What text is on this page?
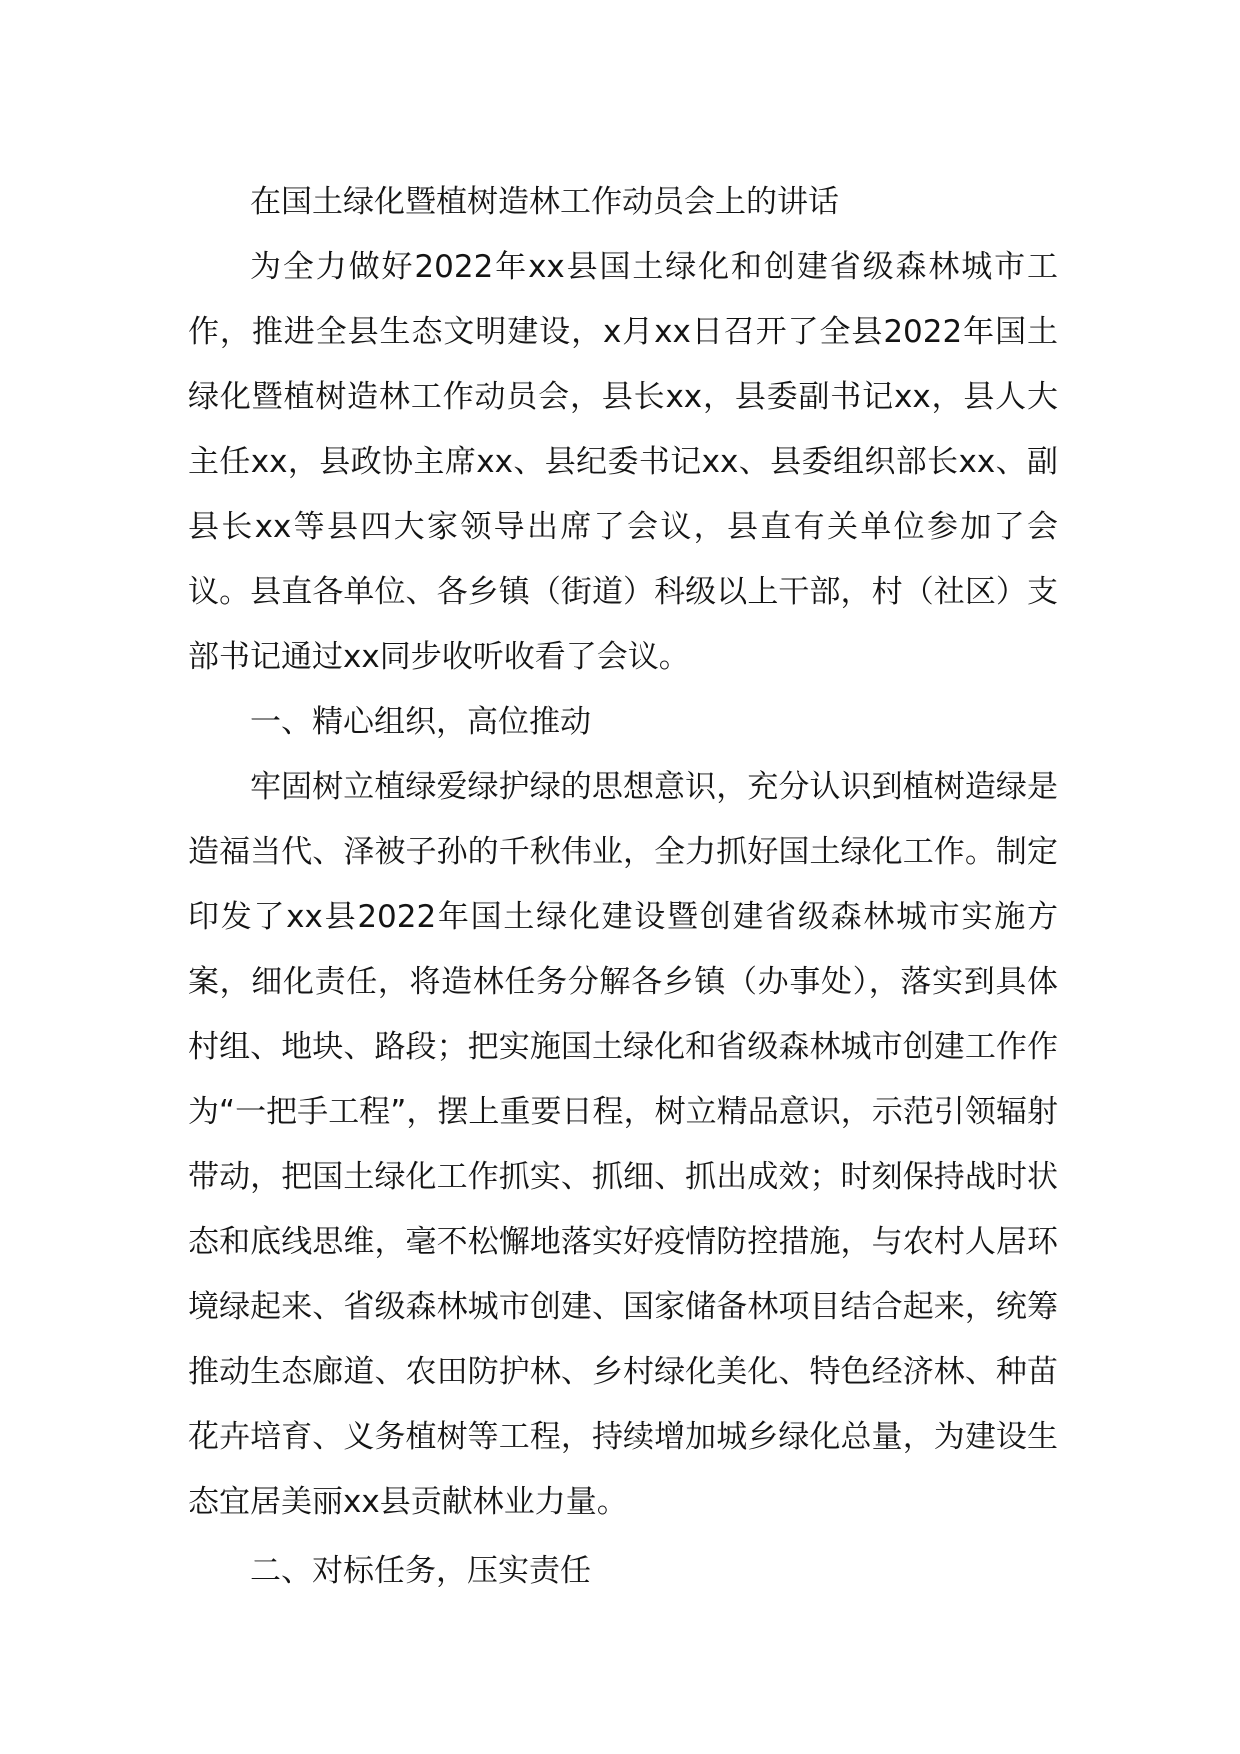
在国土绿化暨植树造林工作动员会上的讲话

为全力做好2022年xx县国土绿化和创建省级森林城市工作，推进全县生态文明建设，x月xx日召开了全县2022年国土绿化暨植树造林工作动员会，县长xx，县委副书记xx，县人大主任xx，县政协主席xx、县纪委书记xx、县委组织部长xx、副县长xx等县四大家领导出席了会议，县直有关单位参加了会议。县直各单位、各乡镇（街道）科级以上干部，村（社区）支部书记通过xx同步收听收看了会议。

一、精心组织，高位推动

牢固树立植绿爱绿护绿的思想意识，充分认识到植树造绿是造福当代、泽被子孙的千秋伟业，全力抓好国土绿化工作。制定印发了xx县2022年国土绿化建设暨创建省级森林城市实施方案，细化责任，将造林任务分解各乡镇（办事处），落实到具体村组、地块、路段；把实施国土绿化和省级森林城市创建工作作为“一把手工程”，摆上重要日程，树立精品意识，示范引领辐射带动，把国土绿化工作抓实、抓细、抓出成效；时刻保持战时状态和底线思维，毫不松懈地落实好疫情防控措施，与农村人居环境绿起来、省级森林城市创建、国家储备林项目结合起来，统筹推动生态廊道、农田防护林、乡村绿化美化、特色经济林、种苗花卉培育、义务植树等工程，持续增加城乡绿化总量，为建设生态宜居美丽xx县贡献林业力量。

二、对标任务，压实责任
